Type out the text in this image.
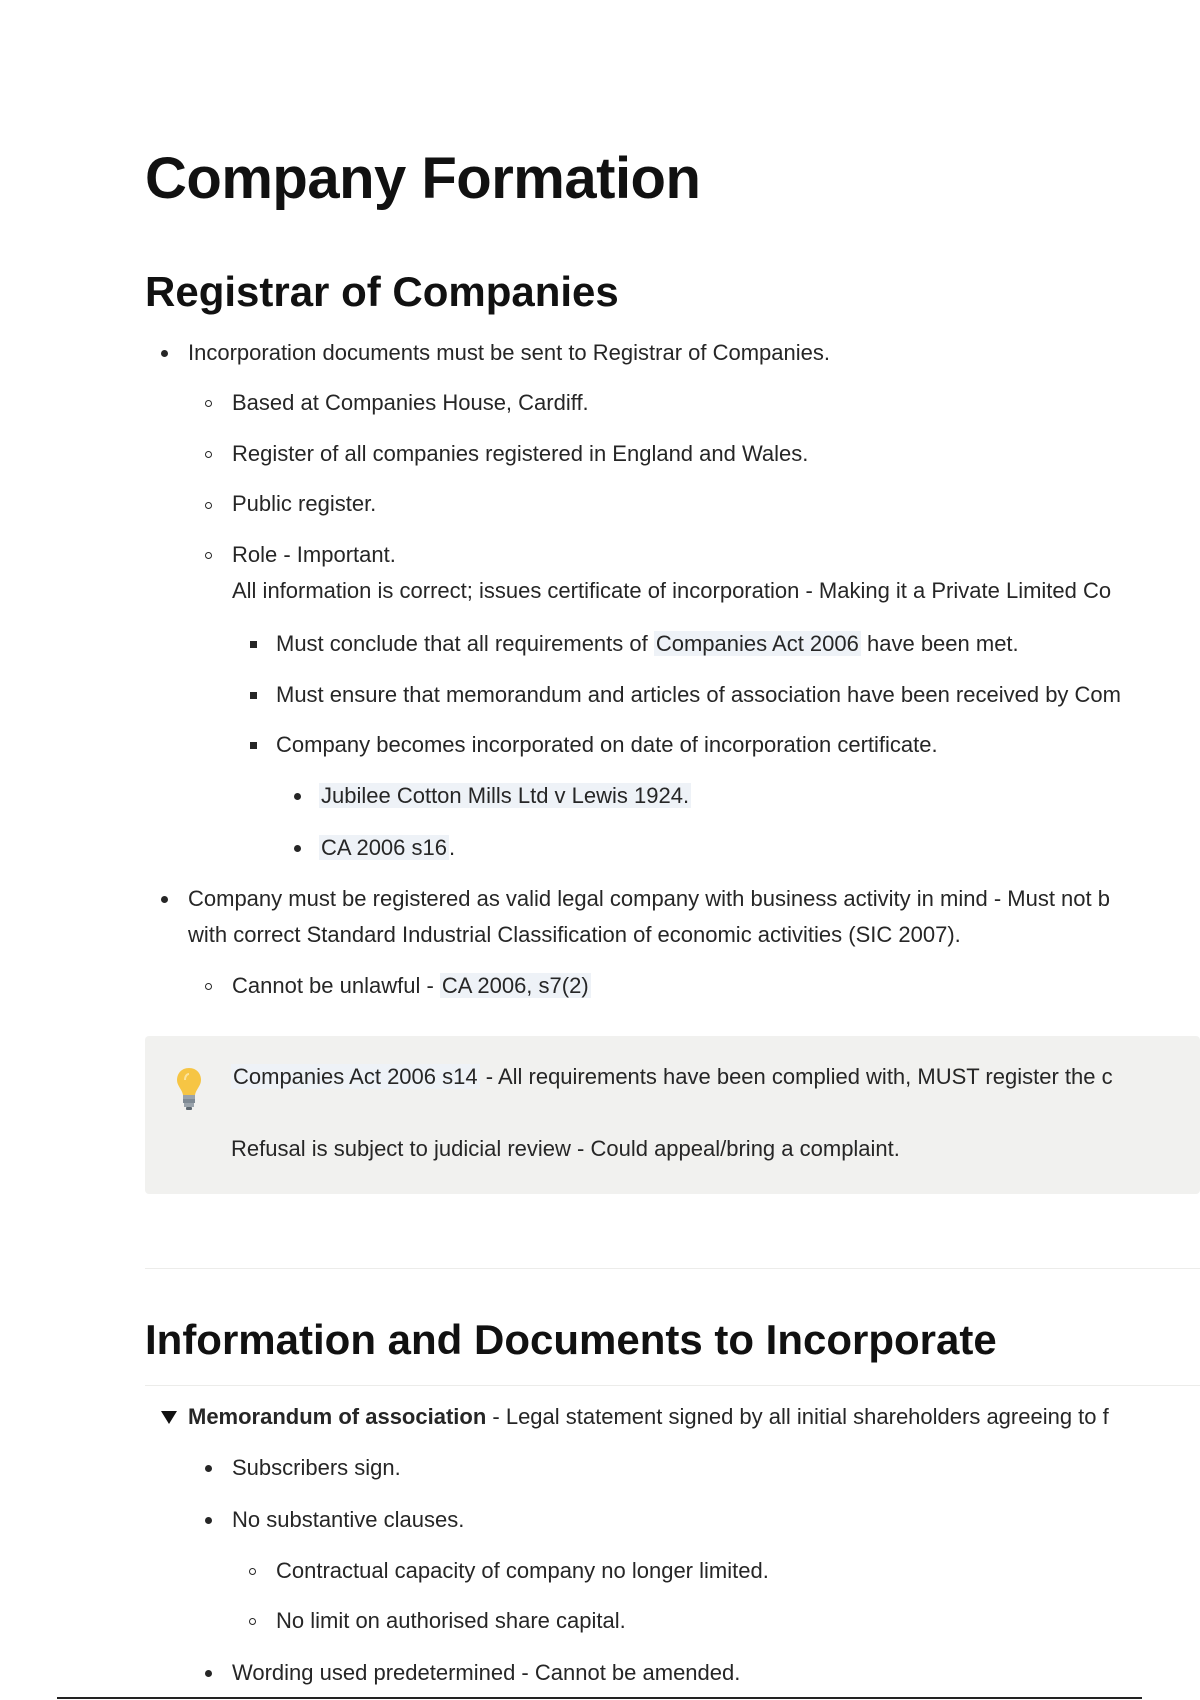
Company Formation
Registrar of Companies
Incorporation documents must be sent to Registrar of Companies.
Based at Companies House, Cardiff.
Register of all companies registered in England and Wales.
Public register.
Role - Important.
All information is correct; issues certificate of incorporation - Making it a Private Limited Co
Must conclude that all requirements of Companies Act 2006 have been met.
Must ensure that memorandum and articles of association have been received by Com
Company becomes incorporated on date of incorporation certificate.
Jubilee Cotton Mills Ltd v Lewis 1924.
CA 2006 s16.
Company must be registered as valid legal company with business activity in mind - Must not b
with correct Standard Industrial Classification of economic activities (SIC 2007).
Cannot be unlawful - CA 2006, s7(2)
Companies Act 2006 s14 - All requirements have been complied with, MUST register the c
Refusal is subject to judicial review - Could appeal/bring a complaint.
Information and Documents to Incorporate
Memorandum of association - Legal statement signed by all initial shareholders agreeing to f
Subscribers sign.
No substantive clauses.
Contractual capacity of company no longer limited.
No limit on authorised share capital.
Wording used predetermined - Cannot be amended.
